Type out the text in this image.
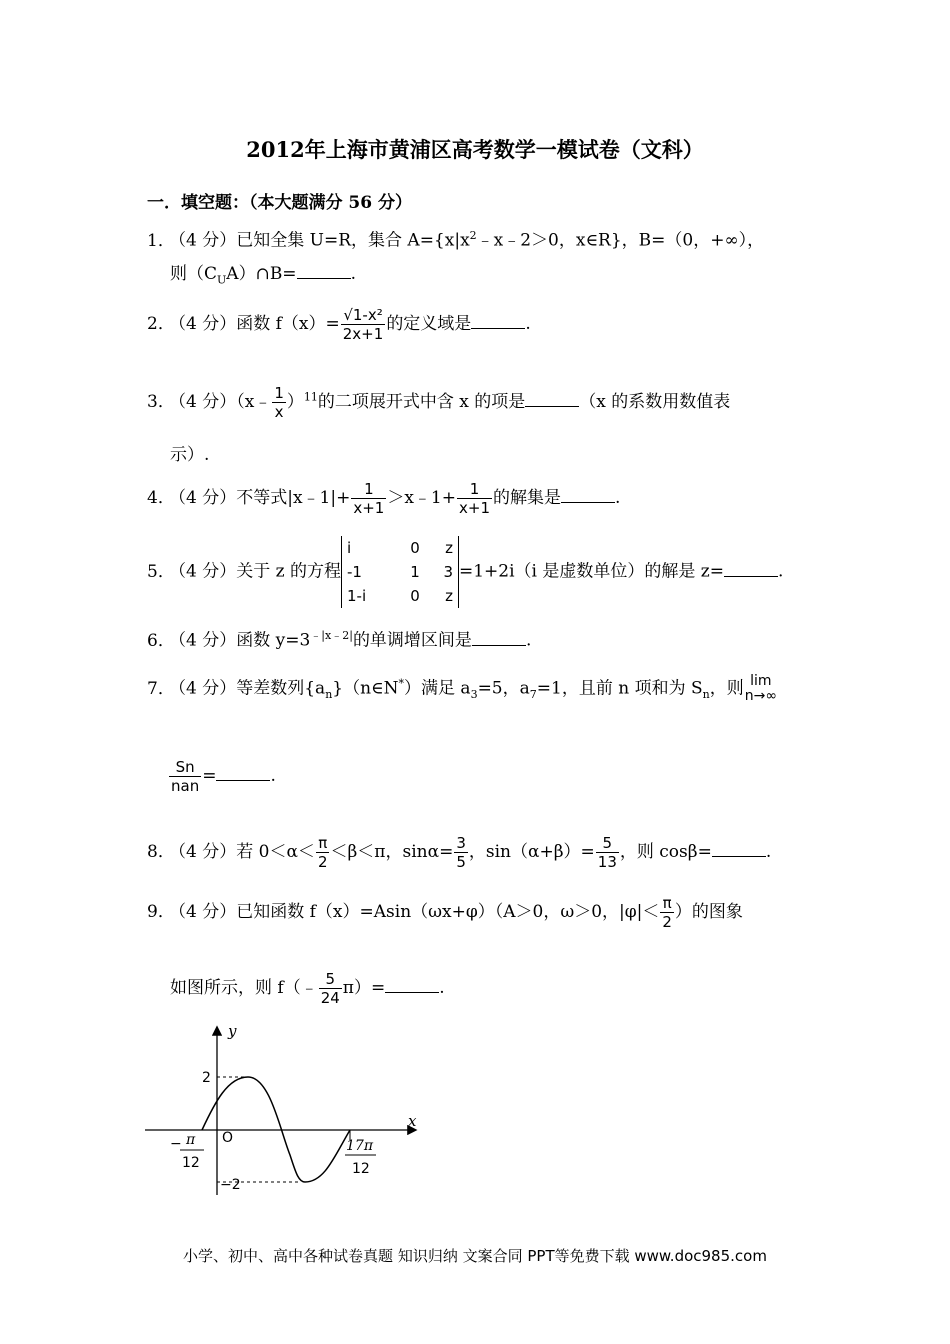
2012年上海市黄浦区高考数学一模试卷（文科）
一．填空题：（本大题满分 56 分）
1．（4 分）已知全集 U=R，集合 $A=\{x|x^2﹣x﹣2>0$，x∈R}，B=（0，+∞），
则$(C_UA)\cap B=$	.
2．（4 分）函数 $f(x)= \frac{\text{√1-x²}}{2x+1}$ 的定义域是	.
3．（4 分）（x﹣ $\frac{1}{x} )^{11}$的二项展开式中含 x 的项是	（x 的系数用数值表
示）.
4．（4 分）不等式|x﹣1|+ $\frac{1}{x+1}$ ＞x﹣1+ $\frac{1}{x+1}$ 的解集是	.
5．（4 分）关于 z 的方程
i	0	z
-1	1	3
1-i	0	z
=1+2i（i 是虚数单位）的解是 z=	.
6．（4 分）函数 $y=3^{﹣|x﹣2|}$的单调增区间是	.
7．（4 分）等差数列$\{a_n\}(n\in N^*)$满足 $a_3=5$，$a_7=1$，且前 n 项和为 $S_n$，则 lim
n→∞
$\frac{Sn}{\text{nan}}$ =	.
8．（4 分）若 $0<\alpha< \frac{\pi}{2} <\beta<\pi$，$\sin\alpha= \frac{3}{5}$ ，$\sin(\alpha+\beta)= \frac{5}{13}$ ，则 cosβ=	.
9．（4 分）已知函数 f（x）=Asin（ωx+φ）（A＞0，ω＞0，$|\varphi|< \frac{\pi}{2}$ ）的图象
如图所示，则 f（﹣ $\frac{5}{24} \pi)=$	.
y
x
O
2
−2
− π
12
17π
12
小学、初中、高中各种试卷真题 知识归纳 文案合同 PPT等免费下载 www.doc985.com
